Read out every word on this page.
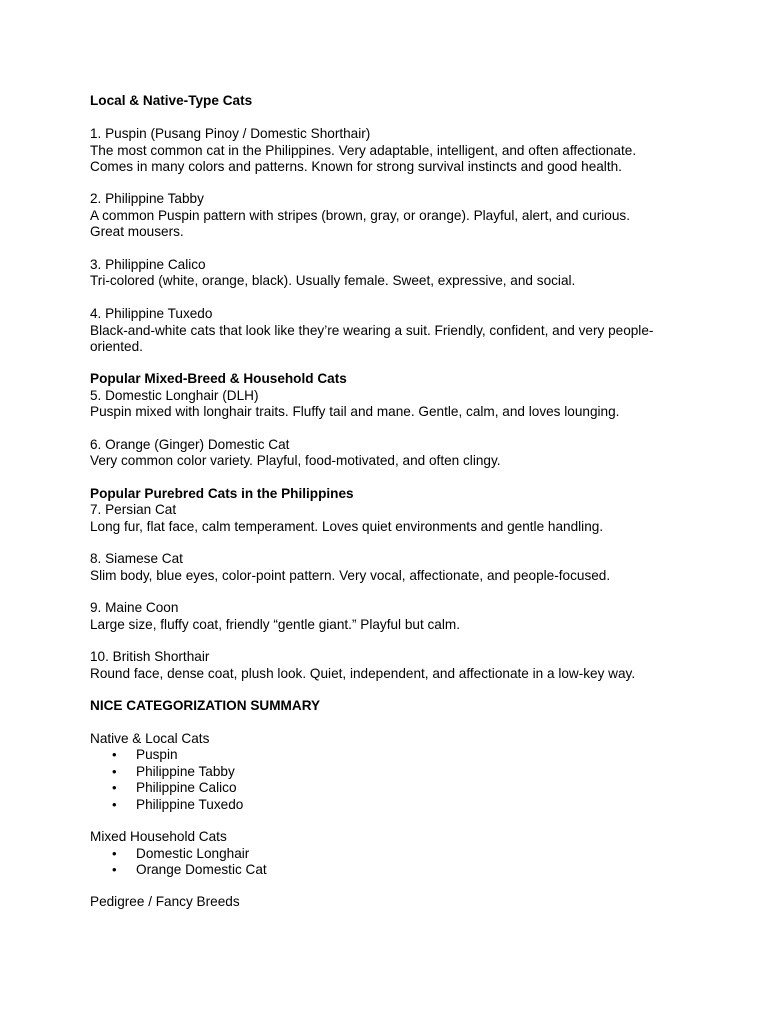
Local & Native-Type Cats
1. Puspin (Pusang Pinoy / Domestic Shorthair)
The most common cat in the Philippines. Very adaptable, intelligent, and often affectionate.
Comes in many colors and patterns. Known for strong survival instincts and good health.
2. Philippine Tabby
A common Puspin pattern with stripes (brown, gray, or orange). Playful, alert, and curious.
Great mousers.
3. Philippine Calico
Tri-colored (white, orange, black). Usually female. Sweet, expressive, and social.
4. Philippine Tuxedo
Black-and-white cats that look like they’re wearing a suit. Friendly, confident, and very people-
oriented.
Popular Mixed-Breed & Household Cats
5. Domestic Longhair (DLH)
Puspin mixed with longhair traits. Fluffy tail and mane. Gentle, calm, and loves lounging.
6. Orange (Ginger) Domestic Cat
Very common color variety. Playful, food-motivated, and often clingy.
Popular Purebred Cats in the Philippines
7. Persian Cat
Long fur, flat face, calm temperament. Loves quiet environments and gentle handling.
8. Siamese Cat
Slim body, blue eyes, color-point pattern. Very vocal, affectionate, and people-focused.
9. Maine Coon
Large size, fluffy coat, friendly “gentle giant.” Playful but calm.
10. British Shorthair
Round face, dense coat, plush look. Quiet, independent, and affectionate in a low-key way.
NICE CATEGORIZATION SUMMARY
Native & Local Cats
• Puspin
• Philippine Tabby
• Philippine Calico
• Philippine Tuxedo
Mixed Household Cats
• Domestic Longhair
• Orange Domestic Cat
Pedigree / Fancy Breeds
